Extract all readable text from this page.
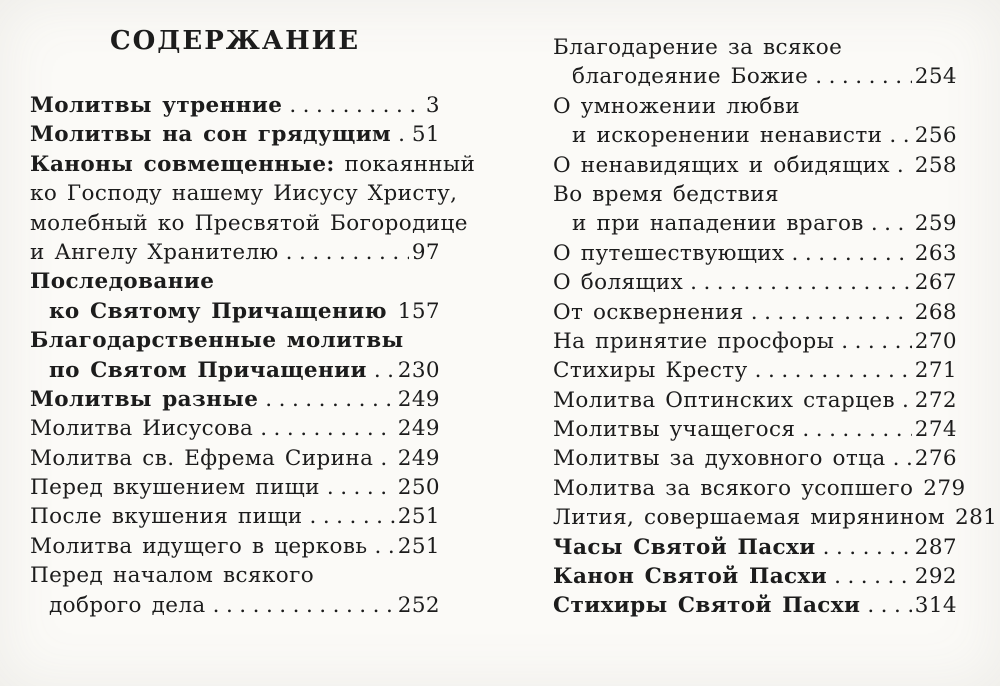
СОДЕРЖАНИЕ
Молитвы утренние .....	3
Молитвы на сон грядущим ..... 51
Каноны совмещенные: покаянный
ко Господу нашему Иисусу Христу,
молебный ко Пресвятой Богородице
и Ангелу Хранителю .....	97
Последование
ко Святому Причащению ..... 157
Благодарственные молитвы
по Святом Причащении ..... 230
Молитвы разные .....	249
Молитва Иисусова .....	249
Молитва св. Ефрема Сирина ..... 249
Перед вкушением пищи .....	250
После вкушения пищи .....	251
Молитва идущего в церковь ..... 251
Перед началом всякого
доброго дела .....	252
Благодарение за всякое
благодеяние Божие .....	254
О умножении любви
и искоренении ненависти ..... 256
О ненавидящих и обидящих ..... 258
Во время бедствия
и при нападении врагов ..... 259
О путешествующих .....	263
О болящих .....	267
От осквернения .....	268
На принятие просфоры .....	270
Стихиры Кресту .....	271
Молитва Оптинских старцев ..... 272
Молитвы учащегося .....	274
Молитвы за духовного отца ..... 276
Молитва за всякого усопшего 279
Лития, совершаемая мирянином 281
Часы Святой Пасхи .....	287
Канон Святой Пасхи .....	292
Стихиры Святой Пасхи .....	314
